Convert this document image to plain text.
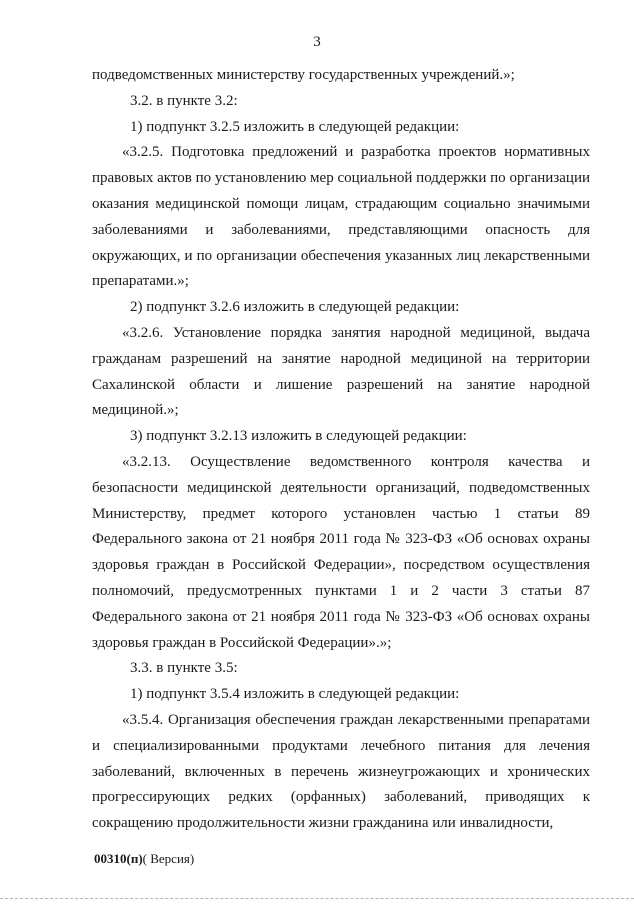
3

подведомственных министерству государственных учреждений.»;

3.2. в пункте 3.2:

1) подпункт 3.2.5 изложить в следующей редакции:

«3.2.5. Подготовка предложений и разработка проектов нормативных правовых актов по установлению мер социальной поддержки по организации оказания медицинской помощи лицам, страдающим социально значимыми заболеваниями и заболеваниями, представляющими опасность для окружающих, и по организации обеспечения указанных лиц лекарственными препаратами.»;

2) подпункт 3.2.6 изложить в следующей редакции:

«3.2.6. Установление порядка занятия народной медициной, выдача гражданам разрешений на занятие народной медициной на территории Сахалинской области и лишение разрешений на занятие народной медициной.»;

3) подпункт 3.2.13 изложить в следующей редакции:

«3.2.13. Осуществление ведомственного контроля качества и безопасности медицинской деятельности организаций, подведомственных Министерству, предмет которого установлен частью 1 статьи 89 Федерального закона от 21 ноября 2011 года № 323-ФЗ «Об основах охраны здоровья граждан в Российской Федерации», посредством осуществления полномочий, предусмотренных пунктами 1 и 2 части 3 статьи 87 Федерального закона от 21 ноября 2011 года № 323-ФЗ «Об основах охраны здоровья граждан в Российской Федерации».»;

3.3. в пункте 3.5:

1) подпункт 3.5.4 изложить в следующей редакции:

«3.5.4. Организация обеспечения граждан лекарственными препаратами и специализированными продуктами лечебного питания для лечения заболеваний, включенных в перечень жизнеугрожающих и хронических прогрессирующих редких (орфанных) заболеваний, приводящих к сокращению продолжительности жизни гражданина или инвалидности,

00310(п)( Версия)
